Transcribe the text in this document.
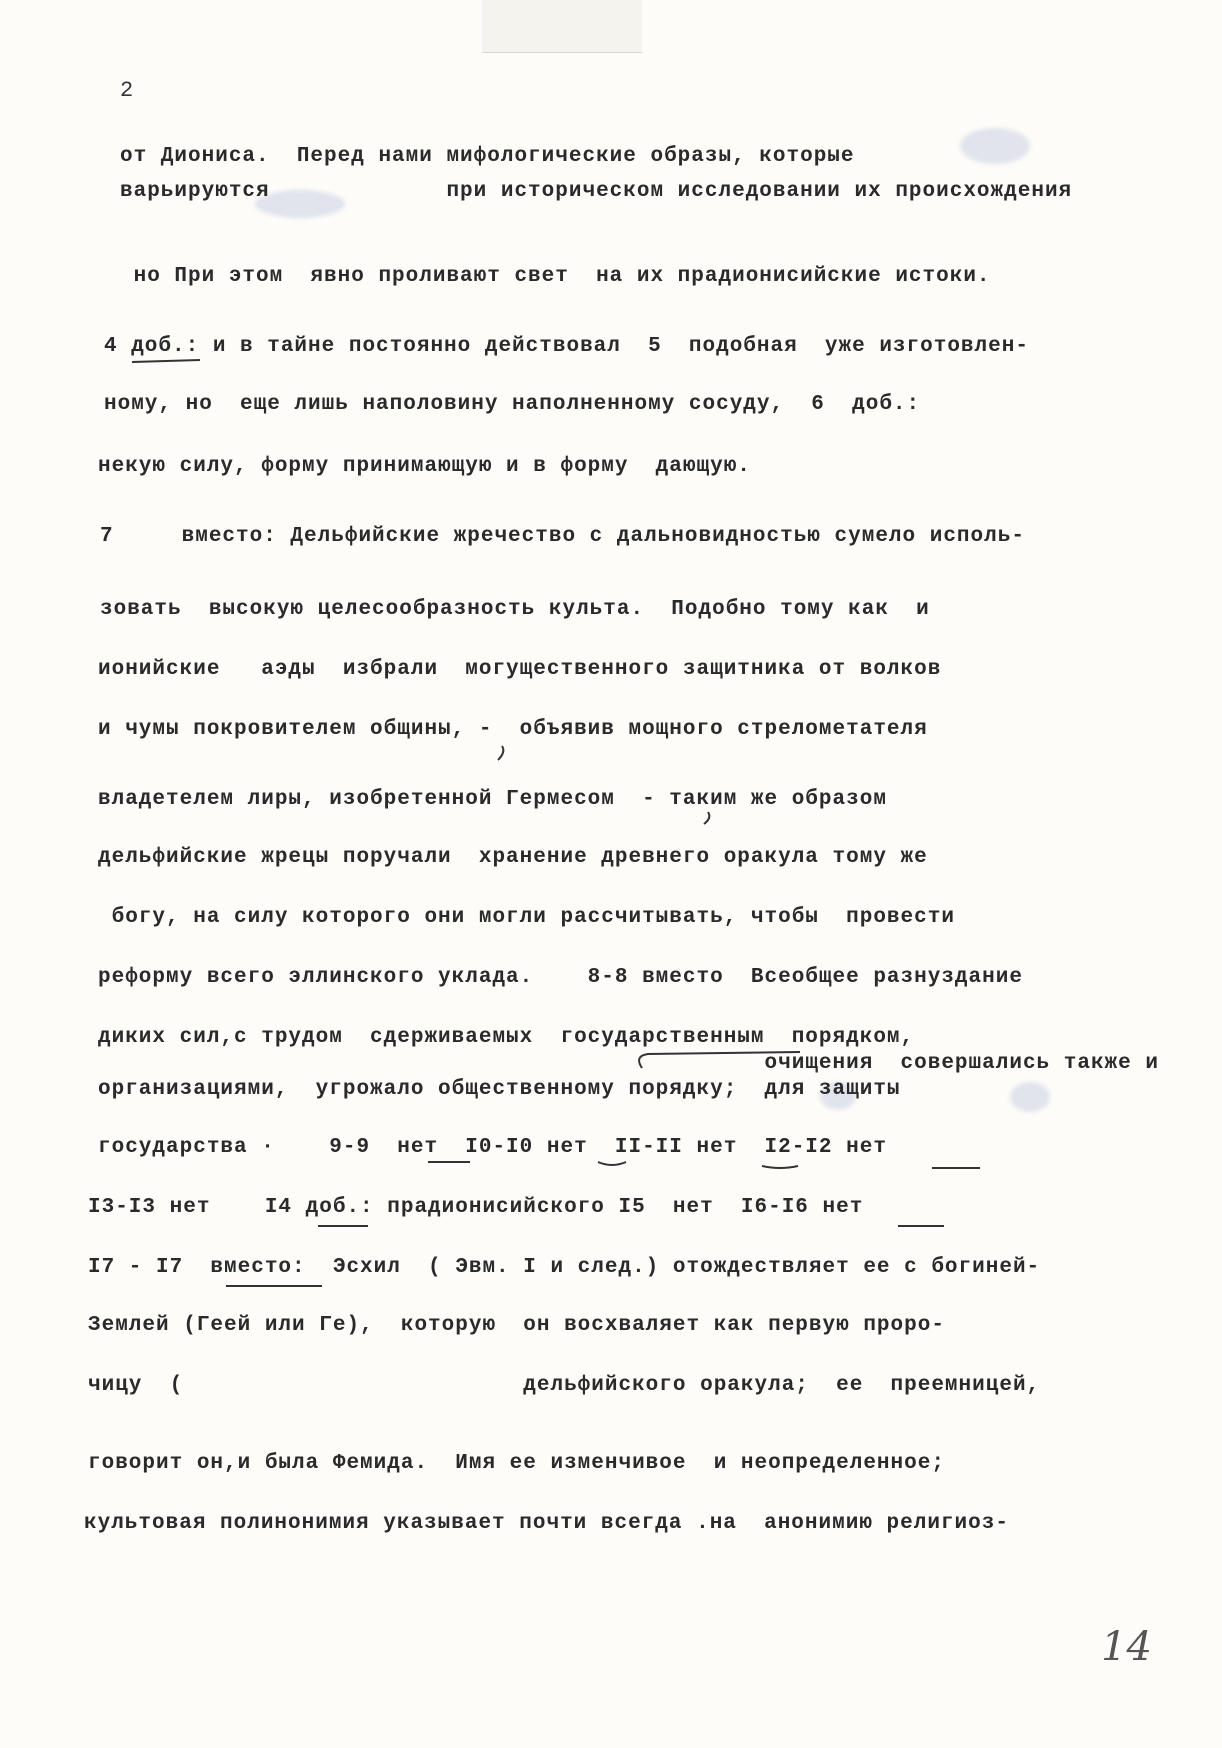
2
от Диониса.  Перед нами мифологические образы, которые
варьируются             при историческом исследовании их происхождения
но При этом  явно проливают свет  на их прадионисийские истоки.
4 доб.: и в тайне постоянно действовал  5  подобная  уже изготовлен-
ному, но  еще лишь наполовину наполненному сосуду,  6  доб.:
некую силу, форму принимающую и в форму  дающую.
7     вместо: Дельфийские жречество с дальновидностью сумело исполь-
зовать  высокую целесообразность культа.  Подобно тому как  и
ионийские   аэды  избрали  могущественного защитника от волков
и чумы покровителем общины, -  объявив мощного стрелометателя
владетелем лиры, изобретенной Гермесом  - таким же образом
дельфийские жрецы поручали  хранение древнего оракула тому же
богу, на силу которого они могли рассчитывать, чтобы  провести
реформу всего эллинского уклада.    8-8 вместо  Всеобщее разнуздание
диких сил,с трудом  сдерживаемых  государственным  порядком,
очищения  совершались также и
организациями,  угрожало общественному порядку;  для защиты
государства ·    9-9  нет  I0-I0 нет  II-II нет  I2-I2 нет
I3-I3 нет    I4 доб.: прадионисийского I5  нет  I6-I6 нет
I7 - I7  вместо:  Эсхил  ( Эвм. I и след.) отождествляет ее с богиней-
Землей (Геей или Ге),  которую  он восхваляет как первую проро-
чицу  (                         дельфийского оракула;  ее  преемницей,
говорит он,и была Фемида.  Имя ее изменчивое  и неопределенное;
культовая полинонимия указывает почти всегда .на  анонимию религиоз-
14
